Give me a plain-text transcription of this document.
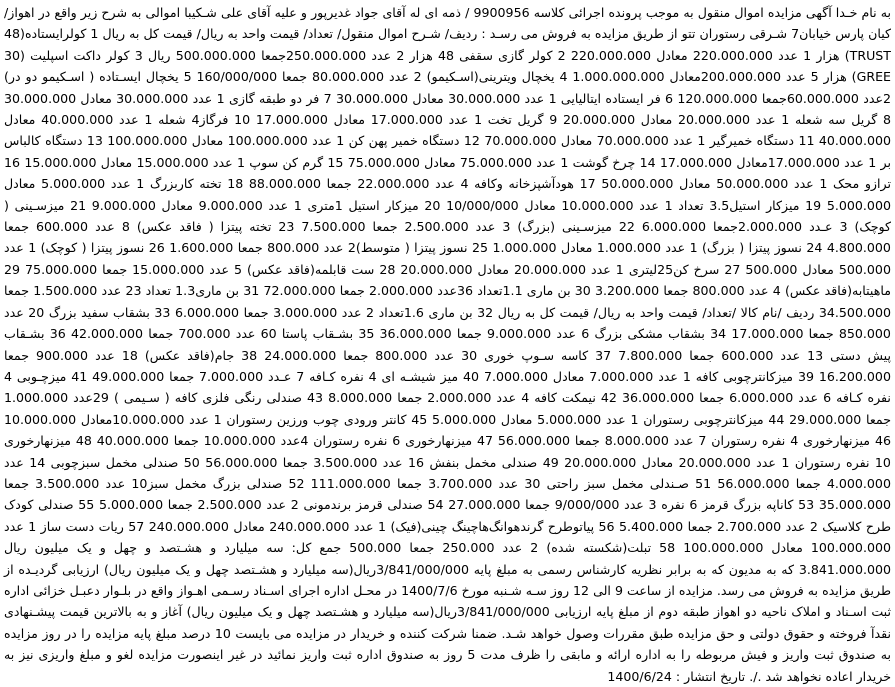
به نام خـدا آگهی مزایده اموال منقول به موجب پرونده اجرائی کلاسه 9900956 / ذمه ای له آقای جواد غدیرپور و علیه آقای علی شـکیبا اموالی به شرح زیر واقع در اهواز/ کیان پارس خیابان7 شـرقی رستوران تتو از طریق مزایده به فروش می رسـد : ردیف/ شـرح اموال منقول/ تعداد/ قیمت واحد به ریال/ قیمت کل به ریال 1 کولرایستاده(48 TRUST) هزار 1 عدد 220.000.000 معادل 220.000.000 2 کولر گازی سقفی 48 هزار 2 عدد 250.000.000جمعا 500.000.000 ریال 3 کولر داکت اسپلیت (30 GREE) هزار 5 عدد 200.000.000معادل 1.000.000.000 4 یخچال ویترینی(اسـکیمو) 2 عدد 80.000.000 جمعا 160/000/000 5 یخچال ایسـتاده ( اسـکیمو دو در) 2عدد 60.000.000جمعا 120.000.000 6 فر ایستاده ایتالیایی 1 عدد 30.000.000 معادل 30.000.000 7 فر دو طبقه گازی 1 عدد 30.000.000 معادل 30.000.000 8 گریل سه شعله 1 عدد 20.000.000 معادل 20.000.000 9 گریل تخت 1 عدد 17.000.000 معادل 17.000.000 10 فرگاز4 شعله 1 عدد 40.000.000 معادل 40.000.000 11 دستگاه خمیرگیر 1 عدد 70.000.000 معادل 70.000.000 12 دستگاه خمیر پهن کن 1 عدد 100.000.000 معادل 100.000.000 13 دستگاه کالباس بر 1 عدد 17.000.000معادل 17.000.000 14 چرخ گوشت 1 عدد 75.000.000 معادل 75.000.000 15 گرم کن سوپ 1 عدد 15.000.000 معادل 15.000.000 16 ترازو محک 1 عدد 50.000.000 معادل 50.000.000 17 هودآشپزخانه وکافه 4 عدد 22.000.000 جمعا 88.000.000 18 تخته کاربزرگ 1 عدد 5.000.000 معادل 5.000.000 19 میزکار استیل3.5 تعداد 1 عدد 10.000.000 معادل 10/000/000 20 میزکار استیل 1متری 1 عدد 9.000.000 معادل 9.000.000 21 میزسـینی ( کوچک) 3 عـدد 2.000.000جمعا 6.000.000 22 میزسـینی (بزرگ) 3 عدد 2.500.000 جمعا 7.500.000 23 تخته پیتزا ( فاقد عکس) 8 عدد 600.000 جمعا 4.800.000 24 نسوز پیتزا ( بزرگ) 1 عدد 1.000.000 معادل 1.000.000 25 نسوز پیتزا ( متوسط)2 عدد 800.000 جمعا 1.600.000 26 نسوز پیتزا ( کوچک) 1 عدد 500.000 معادل 500.000 27 سرخ کن25لیتری 1 عدد 20.000.000 معادل 20.000.000 28 ست قابلمه(فاقد عکس) 5 عدد 15.000.000 جمعا 75.000.000 29 ماهیتابه(فاقد عکس) 4 عدد 800.000 جمعا 3.200.000 30 بن ماری 1.1تعداد 36عدد 2.000.000 جمعا 72.000.000 31 بن ماری1.3 تعداد 23 عدد 1.500.000 جمعا 34.500.000 ردیف /نام کالا /تعداد/ قیمت واحد به ریال/ قیمت کل به ریال 32 بن ماری 1.6تعداد 2 عدد 3.000.000 جمعا 6.000.000 33 بشقاب سفید بزرگ 20 عدد 850.000 جمعا 17.000.000 34 بشقاب مشکی بزرگ 6 عدد 9.000.000 جمعا 36.000.000 35 بشـقاب پاستا 60 عدد 700.000 جمعا 42.000.000 36 بشـقاب پیش دستی 13 عدد 600.000 جمعا 7.800.000 37 کاسه سـوپ خوری 30 عدد 800.000 جمعا 24.000.000 38 جام(فاقد عکس) 18 عدد 900.000 جمعا 16.200.000 39 میزکانترچوبی کافه 1 عدد 7.000.000 معادل 7.000.000 40 میز شیشـه ای 4 نفره کـافه 7 عـدد 7.000.000 جمعا 49.000.000 41 میزچـوبی 4 نفره کـافه 6 عدد 6.000.000 جمعا 36.000.000 42 نیمکت کافه 4 عدد 2.000.000 جمعا 8.000.000 43 صندلی رنگی فلزی کافه ( سـیمی ) 29عدد 1.000.000 جمعا 29.000.000 44 میزکانترچوبی رستوران 1 عدد 5.000.000 معادل 5.000.000 45 کانتر ورودی چوب ورزین رستوران 1 عدد 10.000.000معادل 10.000.000 46 میزنهارخوری 4 نفره رستوران 7 عدد 8.000.000 جمعا 56.000.000 47 میزنهارخوری 6 نفره رستوران 4عدد 10.000.000 جمعا 40.000.000 48 میزنهارخوری 10 نفره رستوران 1 عدد 20.000.000 معادل 20.000.000 49 صندلی مخمل بنفش 16 عدد 3.500.000 جمعا 56.000.000 50 صندلی مخمل سبزچوبی 14 عدد 4.000.000 جمعا 56.000.000 51 صـندلی مخمل سبز راحتی 30 عدد 3.700.000 جمعا 111.000.000 52 صندلی بزرگ مخمل سبز10 عدد 3.500.000 جمعا 35.000.000 53 کاناپه بزرگ قرمز 6 نفره 3 عدد 9/000/000 جمعا 27.000.000 54 صندلی قرمز برندمونی 2 عدد 2.500.000 جمعا 5.000.000 55 صندلی کودک طرح کلاسیک 2 عدد 2.700.000 جمعا 5.400.000 56 پیاتوطرح گرندهوانگ‌هاچینگ چینی(فیک) 1 عدد 240.000.000 معادل 240.000.000 57 ریات دست ساز 1 عدد 100.000.000 معادل 100.000.000 58 تبلت(شکسته شده) 2 عدد 250.000 جمعا 500.000 جمع کل: سه میلیارد و هشـتصد و چهل و یک میلیون ریال 3.841.000.000 که به مدیون که به برابر نظریه کارشناس رسمی به مبلغ پایه 3/841/000/000ریال(سه میلیارد و هشـتصد چهل و یک میلیون ریال) ارزیابی گردیـده از طریق مزایده به فروش می رسد. مزایده از ساعت 9 الی 12 روز سـه شـنبه مورخ 1400/7/6 در محـل اداره اجرای اسـناد رسـمی اهـواز واقع در بلـوار دعبـل خزائی اداره ثبت اسـناد و املاک ناحیه دو اهواز طبقه دوم از مبلغ پایه ارزیابی 3/841/000/000ریال(سه میلیارد و هشـتصد چهل و یک میلیون ریال) آغاز و به بالاترین قیمت پیشـنهادی نقدآ فروخته و حقوق دولتی و حق مزایده طبق مقررات وصول خواهد شـد. ضمنا شرکت کننده و خریدار در مزایده می بایست 10 درصد مبلغ پایه مزایده را در روز مزایده به صندوق ثبت واریز و فیش مربوطه را به اداره ارائه و مابقی را ظرف مدت 5 روز به صندوق اداره ثبت واریز نمائید در غیر اینصورت مزایده لغو و مبلغ واریزی نیز به خریدار اعاده نخواهد شد ./. تاریخ انتشار : 1400/6/24
